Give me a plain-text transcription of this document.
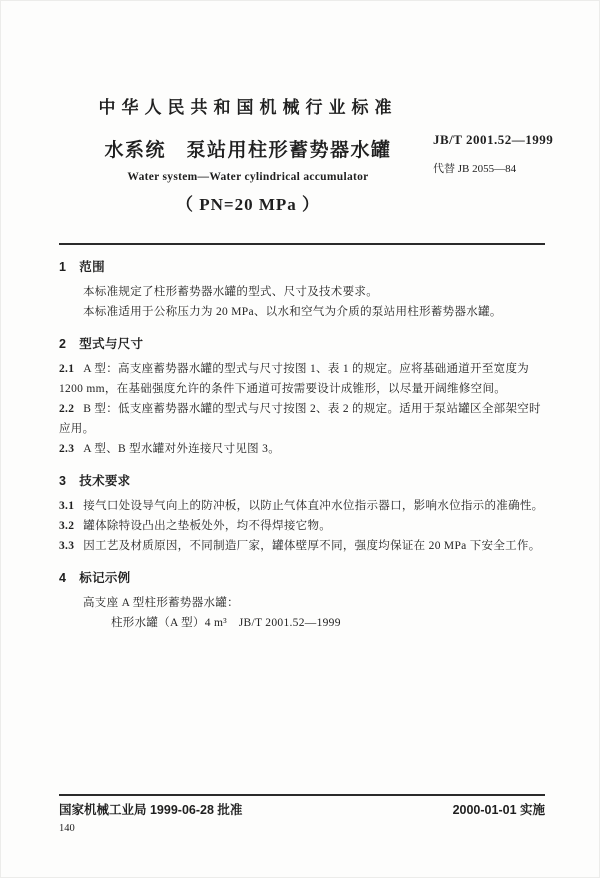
中华人民共和国机械行业标准
水系统　泵站用柱形蓄势器水罐
Water system—Water cylindrical accumulator
（ PN=20 MPa ）
JB/T 2001.52—1999
代替 JB 2055—84
1 范围

本标准规定了柱形蓄势器水罐的型式、尺寸及技术要求。

本标准适用于公称压力为 20 MPa、以水和空气为介质的泵站用柱形蓄势器水罐。

2 型式与尺寸

2.1 A 型：高支座蓄势器水罐的型式与尺寸按图 1、表 1 的规定。应将基础通道开至宽度为 1200 mm，在基础强度允许的条件下通道可按需要设计成锥形，以尽量开阔维修空间。

2.2 B 型：低支座蓄势器水罐的型式与尺寸按图 2、表 2 的规定。适用于泵站罐区全部架空时应用。

2.3 A 型、B 型水罐对外连接尺寸见图 3。

3 技术要求

3.1 接气口处设导气向上的防冲板，以防止气体直冲水位指示器口，影响水位指示的准确性。

3.2 罐体除特设凸出之垫板处外，均不得焊接它物。

3.3 因工艺及材质原因，不同制造厂家，罐体壁厚不同，强度均保证在 20 MPa 下安全工作。

4 标记示例

高支座 A 型柱形蓄势器水罐：

柱形水罐（A 型）4 m³　JB/T 2001.52—1999

国家机械工业局 1999-06-28 批准	2000-01-01 实施
140
